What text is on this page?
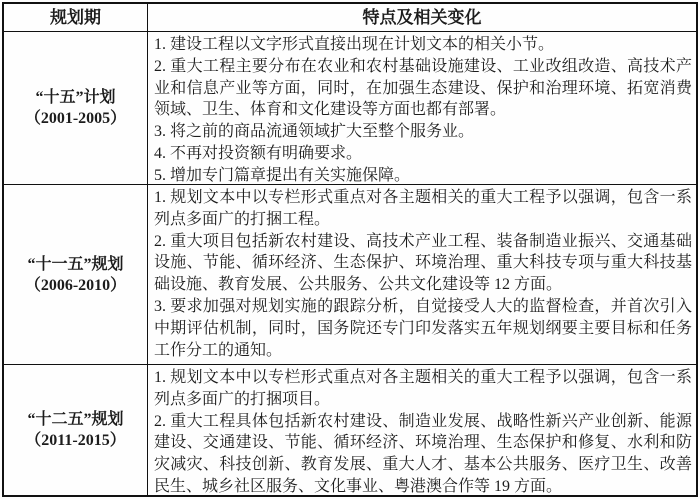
规划期	特点及相关变化
“十五”计划
（2001-2005）
1. 建设工程以文字形式直接出现在计划文本的相关小节。
2. 重大工程主要分布在农业和农村基础设施建设、工业改组改造、高技术产业和信息产业等方面，同时，在加强生态建设、保护和治理环境、拓宽消费领域、卫生、体育和文化建设等方面也都有部署。
3. 将之前的商品流通领域扩大至整个服务业。
4. 不再对投资额有明确要求。
5. 增加专门篇章提出有关实施保障。
“十一五”规划
（2006-2010）
1. 规划文本中以专栏形式重点对各主题相关的重大工程予以强调，包含一系列点多面广的打捆工程。
2. 重大项目包括新农村建设、高技术产业工程、装备制造业振兴、交通基础设施、节能、循环经济、生态保护、环境治理、重大科技专项与重大科技基础设施、教育发展、公共服务、公共文化建设等 12 方面。
3. 要求加强对规划实施的跟踪分析，自觉接受人大的监督检查，并首次引入中期评估机制，同时，国务院还专门印发落实五年规划纲要主要目标和任务工作分工的通知。
“十二五”规划
（2011-2015）
1. 规划文本中以专栏形式重点对各主题相关的重大工程予以强调，包含一系列点多面广的打捆项目。
2. 重大工程具体包括新农村建设、制造业发展、战略性新兴产业创新、能源建设、交通建设、节能、循环经济、环境治理、生态保护和修复、水利和防灾减灾、科技创新、教育发展、重大人才、基本公共服务、医疗卫生、改善民生、城乡社区服务、文化事业、粤港澳合作等 19 方面。
